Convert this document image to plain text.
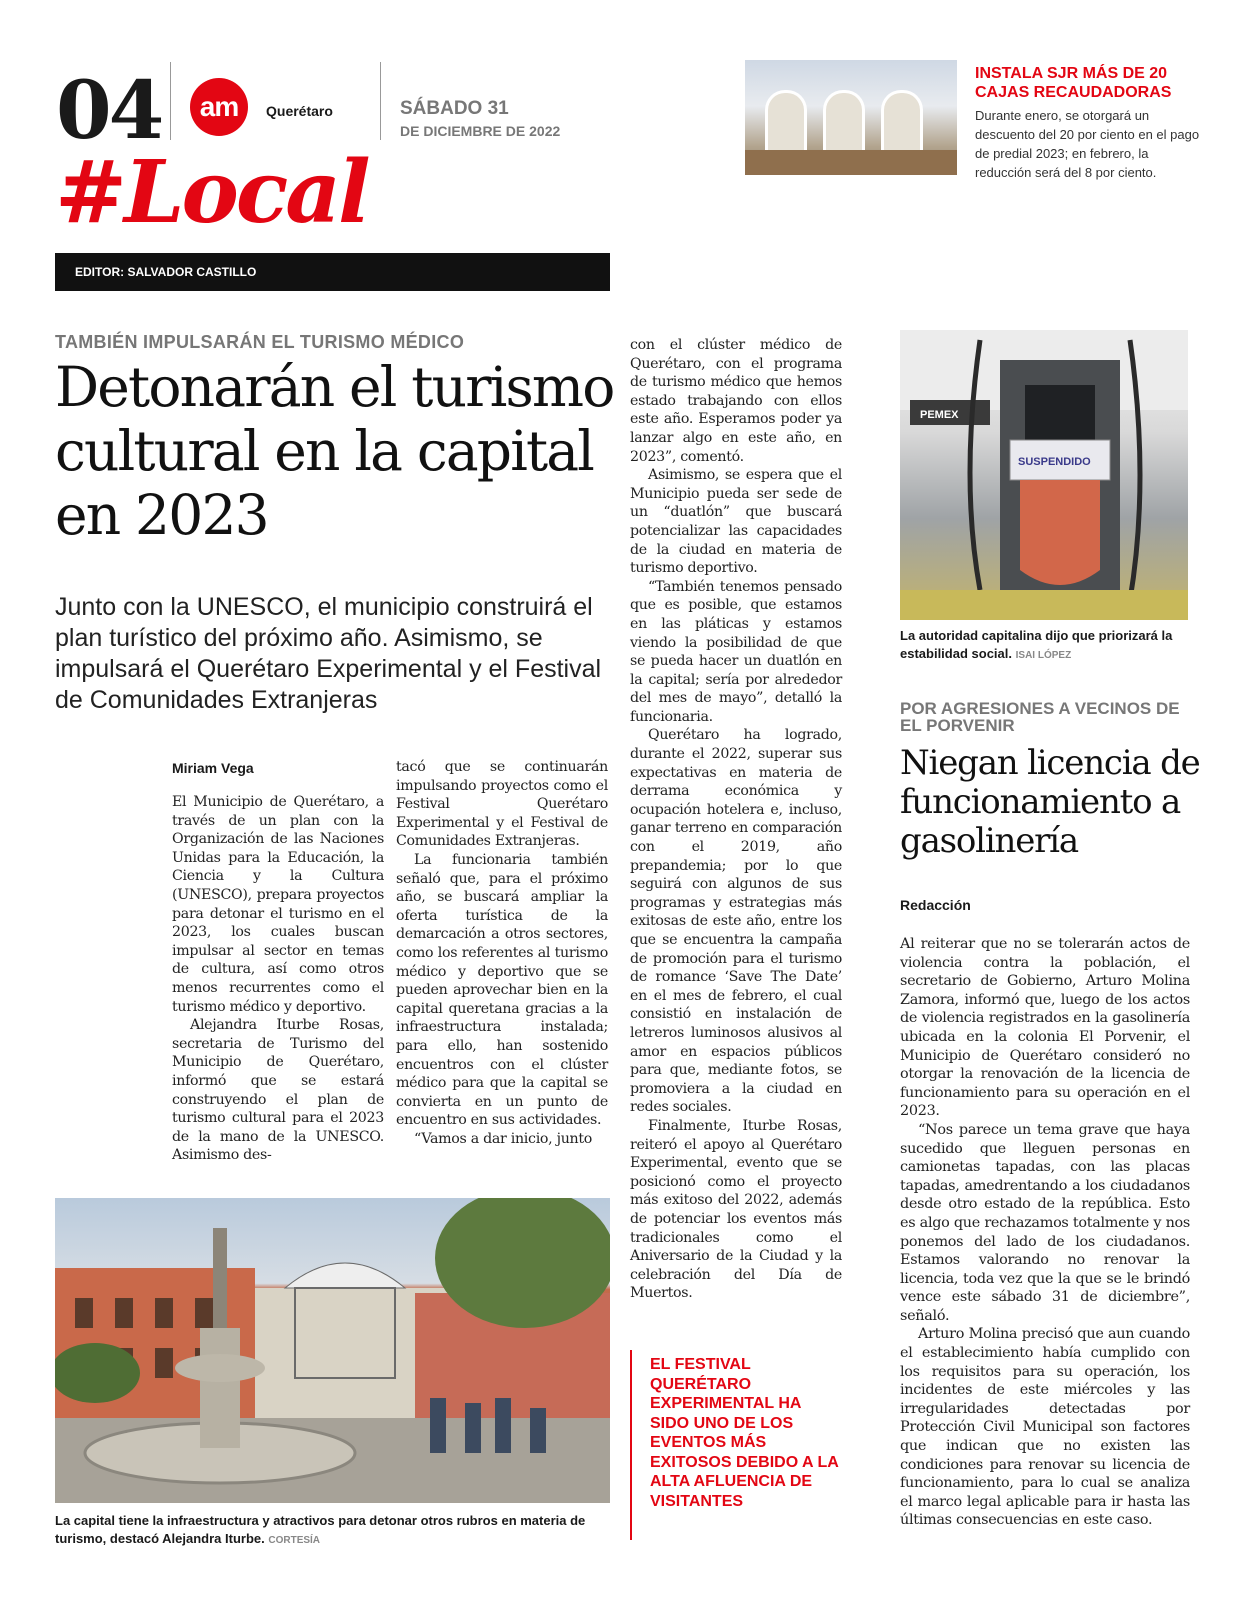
04	am	Querétaro	SÁBADO 31
DE DICIEMBRE DE 2022
#Local
EDITOR: SALVADOR CASTILLO
INSTALA SJR MÁS DE 20 CAJAS RECAUDADORAS
Durante enero, se otorgará un descuento del 20 por ciento en el pago de predial 2023; en febrero, la reducción será del 8 por ciento.
TAMBIÉN IMPULSARÁN EL TURISMO MÉDICO
Detonarán el turismo cultural en la capital en 2023
Junto con la UNESCO, el municipio construirá el plan turístico del próximo año. Asimismo, se impulsará el Querétaro Experimental y el Festival de Comunidades Extranjeras
Miriam Vega

El Municipio de Querétaro, a través de un plan con la Organización de las Naciones Unidas para la Educación, la Ciencia y la Cultura (UNESCO), prepara proyectos para detonar el turismo en el 2023, los cuales buscan impulsar al sector en temas de cultura, así como otros menos recurrentes como el turismo médico y deportivo.

Alejandra Iturbe Rosas, secretaria de Turismo del Municipio de Querétaro, informó que se estará construyendo el plan de turismo cultural para el 2023 de la mano de la UNESCO. Asimismo des-

tacó que se continuarán impulsando proyectos como el Festival Querétaro Experimental y el Festival de Comunidades Extranjeras.

La funcionaria también señaló que, para el próximo año, se buscará ampliar la oferta turística de la demarcación a otros sectores, como los referentes al turismo médico y deportivo que se pueden aprovechar bien en la capital queretana gracias a la infraestructura instalada; para ello, han sostenido encuentros con el clúster médico para que la capital se convierta en un punto de encuentro en sus actividades.

“Vamos a dar inicio, junto

con el clúster médico de Querétaro, con el programa de turismo médico que hemos estado trabajando con ellos este año. Esperamos poder ya lanzar algo en este año, en 2023”, comentó.

Asimismo, se espera que el Municipio pueda ser sede de un “duatlón” que buscará potencializar las capacidades de la ciudad en materia de turismo deportivo.

“También tenemos pensado que es posible, que estamos en las pláticas y estamos viendo la posibilidad de que se pueda hacer un duatlón en la capital; sería por alrededor del mes de mayo”, detalló la funcionaria.

Querétaro ha logrado, durante el 2022, superar sus expectativas en materia de derrama económica y ocupación hotelera e, incluso, ganar terreno en comparación con el 2019, año prepandemia; por lo que seguirá con algunos de sus programas y estrategias más exitosas de este año, entre los que se encuentra la campaña de promoción para el turismo de romance ‘Save The Date’ en el mes de febrero, el cual consistió en instalación de letreros luminosos alusivos al amor en espacios públicos para que, mediante fotos, se promoviera a la ciudad en redes sociales.

Finalmente, Iturbe Rosas, reiteró el apoyo al Querétaro Experimental, evento que se posicionó como el proyecto más exitoso del 2022, además de potenciar los eventos más tradicionales como el Aniversario de la Ciudad y la celebración del Día de Muertos.

La capital tiene la infraestructura y atractivos para detonar otros rubros en materia de turismo, destacó Alejandra Iturbe. CORTESÍA
EL FESTIVAL QUERÉTARO EXPERIMENTAL HA SIDO UNO DE LOS EVENTOS MÁS EXITOSOS DEBIDO A LA ALTA AFLUENCIA DE VISITANTES
PEMEX
SUSPENDIDO
La autoridad capitalina dijo que priorizará la estabilidad social. ISAI LÓPEZ
POR AGRESIONES A VECINOS DE EL PORVENIR
Niegan licencia de funcionamiento a gasolinería
Redacción

Al reiterar que no se tolerarán actos de violencia contra la población, el secretario de Gobierno, Arturo Molina Zamora, informó que, luego de los actos de violencia registrados en la gasolinería ubicada en la colonia El Porvenir, el Municipio de Querétaro consideró no otorgar la renovación de la licencia de funcionamiento para su operación en el 2023.

“Nos parece un tema grave que haya sucedido que lleguen personas en camionetas tapadas, con las placas tapadas, amedrentando a los ciudadanos desde otro estado de la república. Esto es algo que rechazamos totalmente y nos ponemos del lado de los ciudadanos. Estamos valorando no renovar la licencia, toda vez que la que se le brindó vence este sábado 31 de diciembre”, señaló.

Arturo Molina precisó que aun cuando el establecimiento había cumplido con los requisitos para su operación, los incidentes de este miércoles y las irregularidades detectadas por Protección Civil Municipal son factores que indican que no existen las condiciones para renovar su licencia de funcionamiento, para lo cual se analiza el marco legal aplicable para ir hasta las últimas consecuencias en este caso.
